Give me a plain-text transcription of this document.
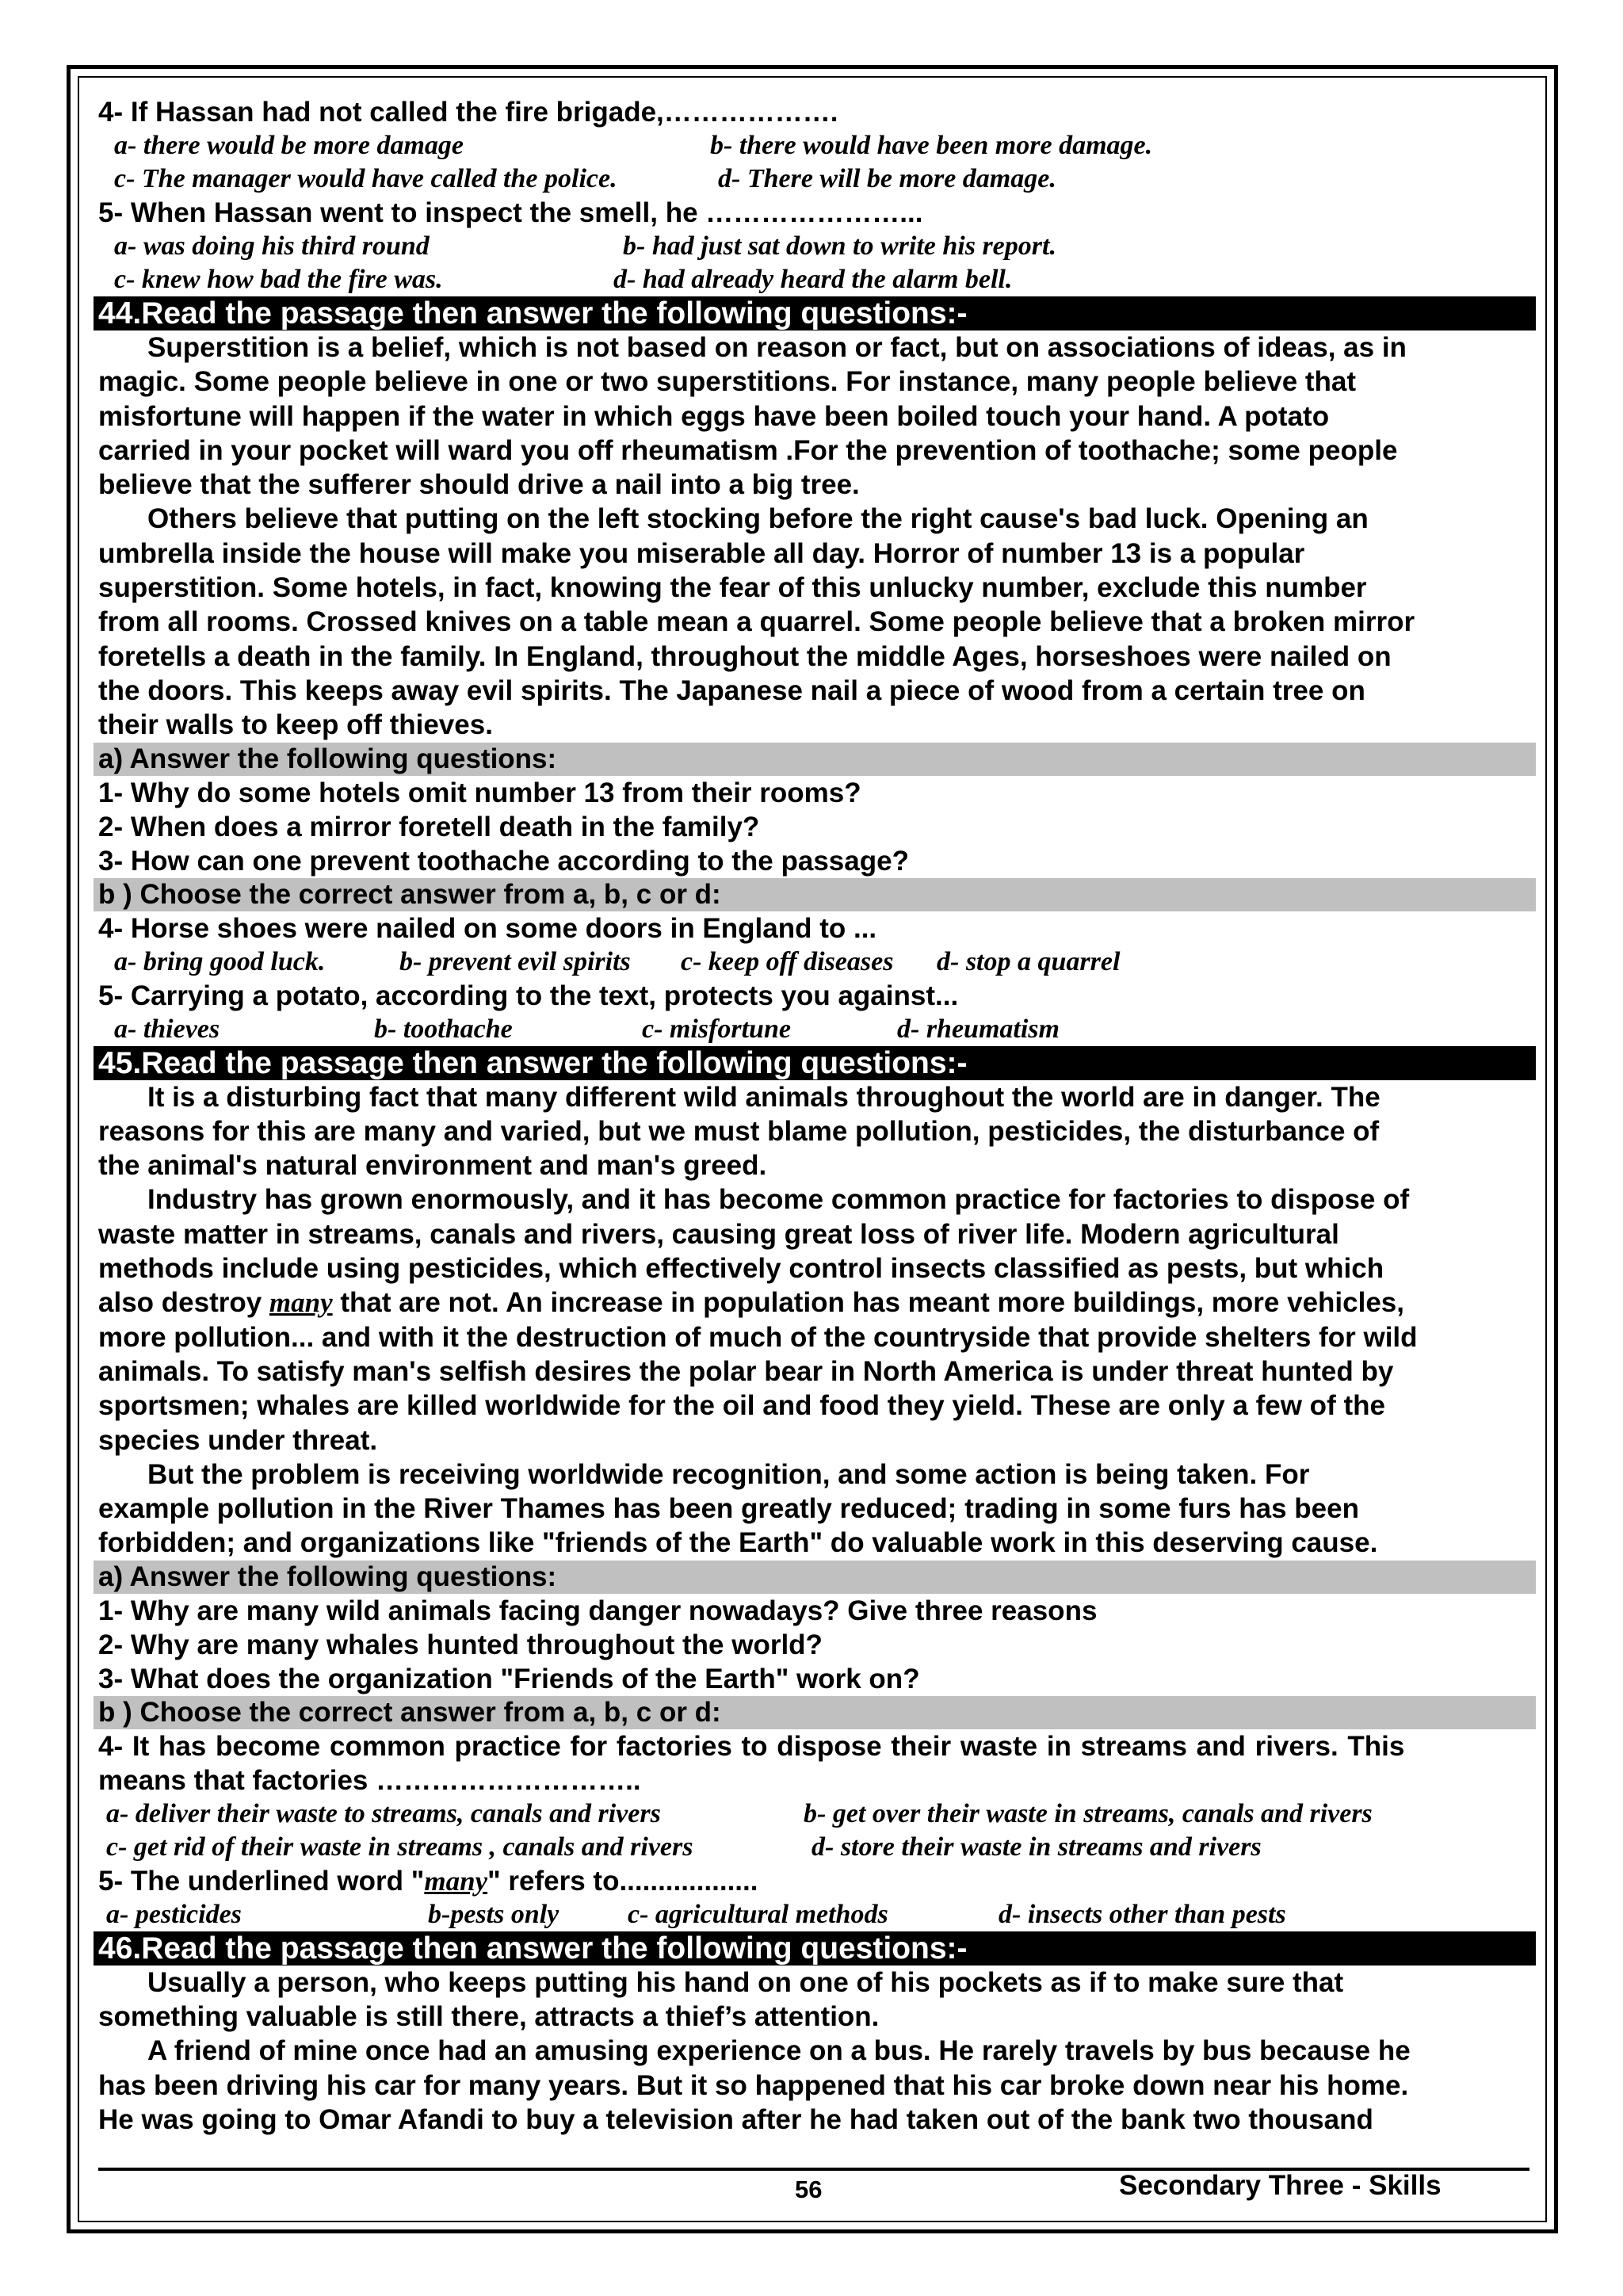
4- If Hassan had not called the fire brigade,……………….
a- there would be more damage	b- there would have been more damage.
c- The manager would have called the police.	d- There will be more damage.
5- When Hassan went to inspect the smell, he …………………...
a- was doing his third round	b- had just sat down to write his report.
c- knew how bad the fire was.	d- had already heard the alarm bell.
44.Read the passage then answer the following questions:-
Superstition is a belief, which is not based on reason or fact, but on associations of ideas, as in
magic. Some people believe in one or two superstitions. For instance, many people believe that
misfortune will happen if the water in which eggs have been boiled touch your hand. A potato
carried in your pocket will ward you off rheumatism .For the prevention of toothache; some people
believe that the sufferer should drive a nail into a big tree.
Others believe that putting on the left stocking before the right cause's bad luck. Opening an
umbrella inside the house will make you miserable all day. Horror of number 13 is a popular
superstition. Some hotels, in fact, knowing the fear of this unlucky number, exclude this number
from all rooms. Crossed knives on a table mean a quarrel. Some people believe that a broken mirror
foretells a death in the family. In England, throughout the middle Ages, horseshoes were nailed on
the doors. This keeps away evil spirits. The Japanese nail a piece of wood from a certain tree on
their walls to keep off thieves.
a) Answer the following questions:
1- Why do some hotels omit number 13 from their rooms?
2- When does a mirror foretell death in the family?
3- How can one prevent toothache according to the passage?
b ) Choose the correct answer from a, b, c or d:
4- Horse shoes were nailed on some doors in England to ...
a- bring good luck.	b- prevent evil spirits c- keep off diseases d- stop a quarrel
5- Carrying a potato, according to the text, protects you against...
a- thieves	b- toothache	c- misfortune	d- rheumatism
45.Read the passage then answer the following questions:-
It is a disturbing fact that many different wild animals throughout the world are in danger. The
reasons for this are many and varied, but we must blame pollution, pesticides, the disturbance of
the animal's natural environment and man's greed.
Industry has grown enormously, and it has become common practice for factories to dispose of
waste matter in streams, canals and rivers, causing great loss of river life. Modern agricultural
methods include using pesticides, which effectively control insects classified as pests, but which
also destroy many that are not. An increase in population has meant more buildings, more vehicles,
more pollution... and with it the destruction of much of the countryside that provide shelters for wild
animals. To satisfy man's selfish desires the polar bear in North America is under threat hunted by
sportsmen; whales are killed worldwide for the oil and food they yield. These are only a few of the
species under threat.
But the problem is receiving worldwide recognition, and some action is being taken. For
example pollution in the River Thames has been greatly reduced; trading in some furs has been
forbidden; and organizations like "friends of the Earth" do valuable work in this deserving cause.
a) Answer the following questions:
1- Why are many wild animals facing danger nowadays? Give three reasons
2- Why are many whales hunted throughout the world?
3- What does the organization "Friends of the Earth" work on?
b ) Choose the correct answer from a, b, c or d:
4- It has become common practice for factories to dispose their waste in streams and rivers. This
means that factories ………………………..
a- deliver their waste to streams, canals and rivers	b- get over their waste in streams, canals and rivers
c- get rid of their waste in streams , canals and rivers	d- store their waste in streams and rivers
5- The underlined word "many" refers to..................
a- pesticides	b-pests only	c- agricultural methods	d- insects other than pests
46.Read the passage then answer the following questions:-
Usually a person, who keeps putting his hand on one of his pockets as if to make sure that
something valuable is still there, attracts a thief’s attention.
A friend of mine once had an amusing experience on a bus. He rarely travels by bus because he
has been driving his car for many years. But it so happened that his car broke down near his home.
He was going to Omar Afandi to buy a television after he had taken out of the bank two thousand
56	Secondary Three - Skills
